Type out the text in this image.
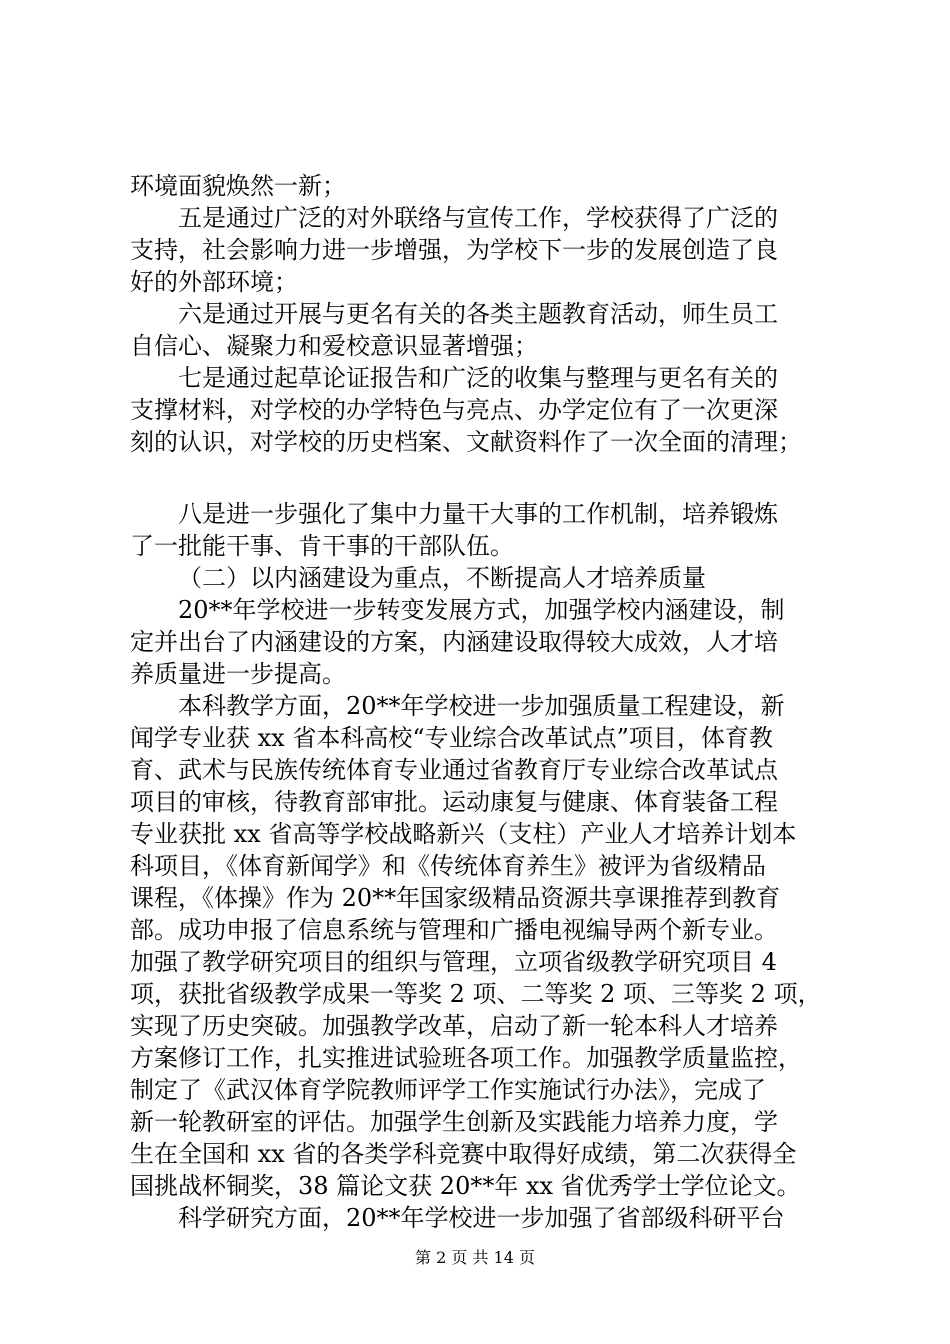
环境面貌焕然一新；
五是通过广泛的对外联络与宣传工作，学校获得了广泛的
支持，社会影响力进一步增强，为学校下一步的发展创造了良
好的外部环境；
六是通过开展与更名有关的各类主题教育活动，师生员工
自信心、凝聚力和爱校意识显著增强；
七是通过起草论证报告和广泛的收集与整理与更名有关的
支撑材料，对学校的办学特色与亮点、办学定位有了一次更深
刻的认识，对学校的历史档案、文献资料作了一次全面的清理；
八是进一步强化了集中力量干大事的工作机制，培养锻炼
了一批能干事、肯干事的干部队伍。
（二）以内涵建设为重点，不断提高人才培养质量
20**年学校进一步转变发展方式，加强学校内涵建设，制
定并出台了内涵建设的方案，内涵建设取得较大成效，人才培
养质量进一步提高。
本科教学方面，20**年学校进一步加强质量工程建设，新
闻学专业获 xx 省本科高校“专业综合改革试点”项目，体育教
育、武术与民族传统体育专业通过省教育厅专业综合改革试点
项目的审核，待教育部审批。运动康复与健康、体育装备工程
专业获批 xx 省高等学校战略新兴（支柱）产业人才培养计划本
科项目，《体育新闻学》和《传统体育养生》被评为省级精品
课程，《体操》作为 20**年国家级精品资源共享课推荐到教育
部。成功申报了信息系统与管理和广播电视编导两个新专业。
加强了教学研究项目的组织与管理，立项省级教学研究项目 4
项，获批省级教学成果一等奖 2 项、二等奖 2 项、三等奖 2 项，
实现了历史突破。加强教学改革，启动了新一轮本科人才培养
方案修订工作，扎实推进试验班各项工作。加强教学质量监控，
制定了《武汉体育学院教师评学工作实施试行办法》，完成了
新一轮教研室的评估。加强学生创新及实践能力培养力度，学
生在全国和 xx 省的各类学科竞赛中取得好成绩，第二次获得全
国挑战杯铜奖，38 篇论文获 20**年 xx 省优秀学士学位论文。
科学研究方面，20**年学校进一步加强了省部级科研平台
第 2 页 共 14 页
